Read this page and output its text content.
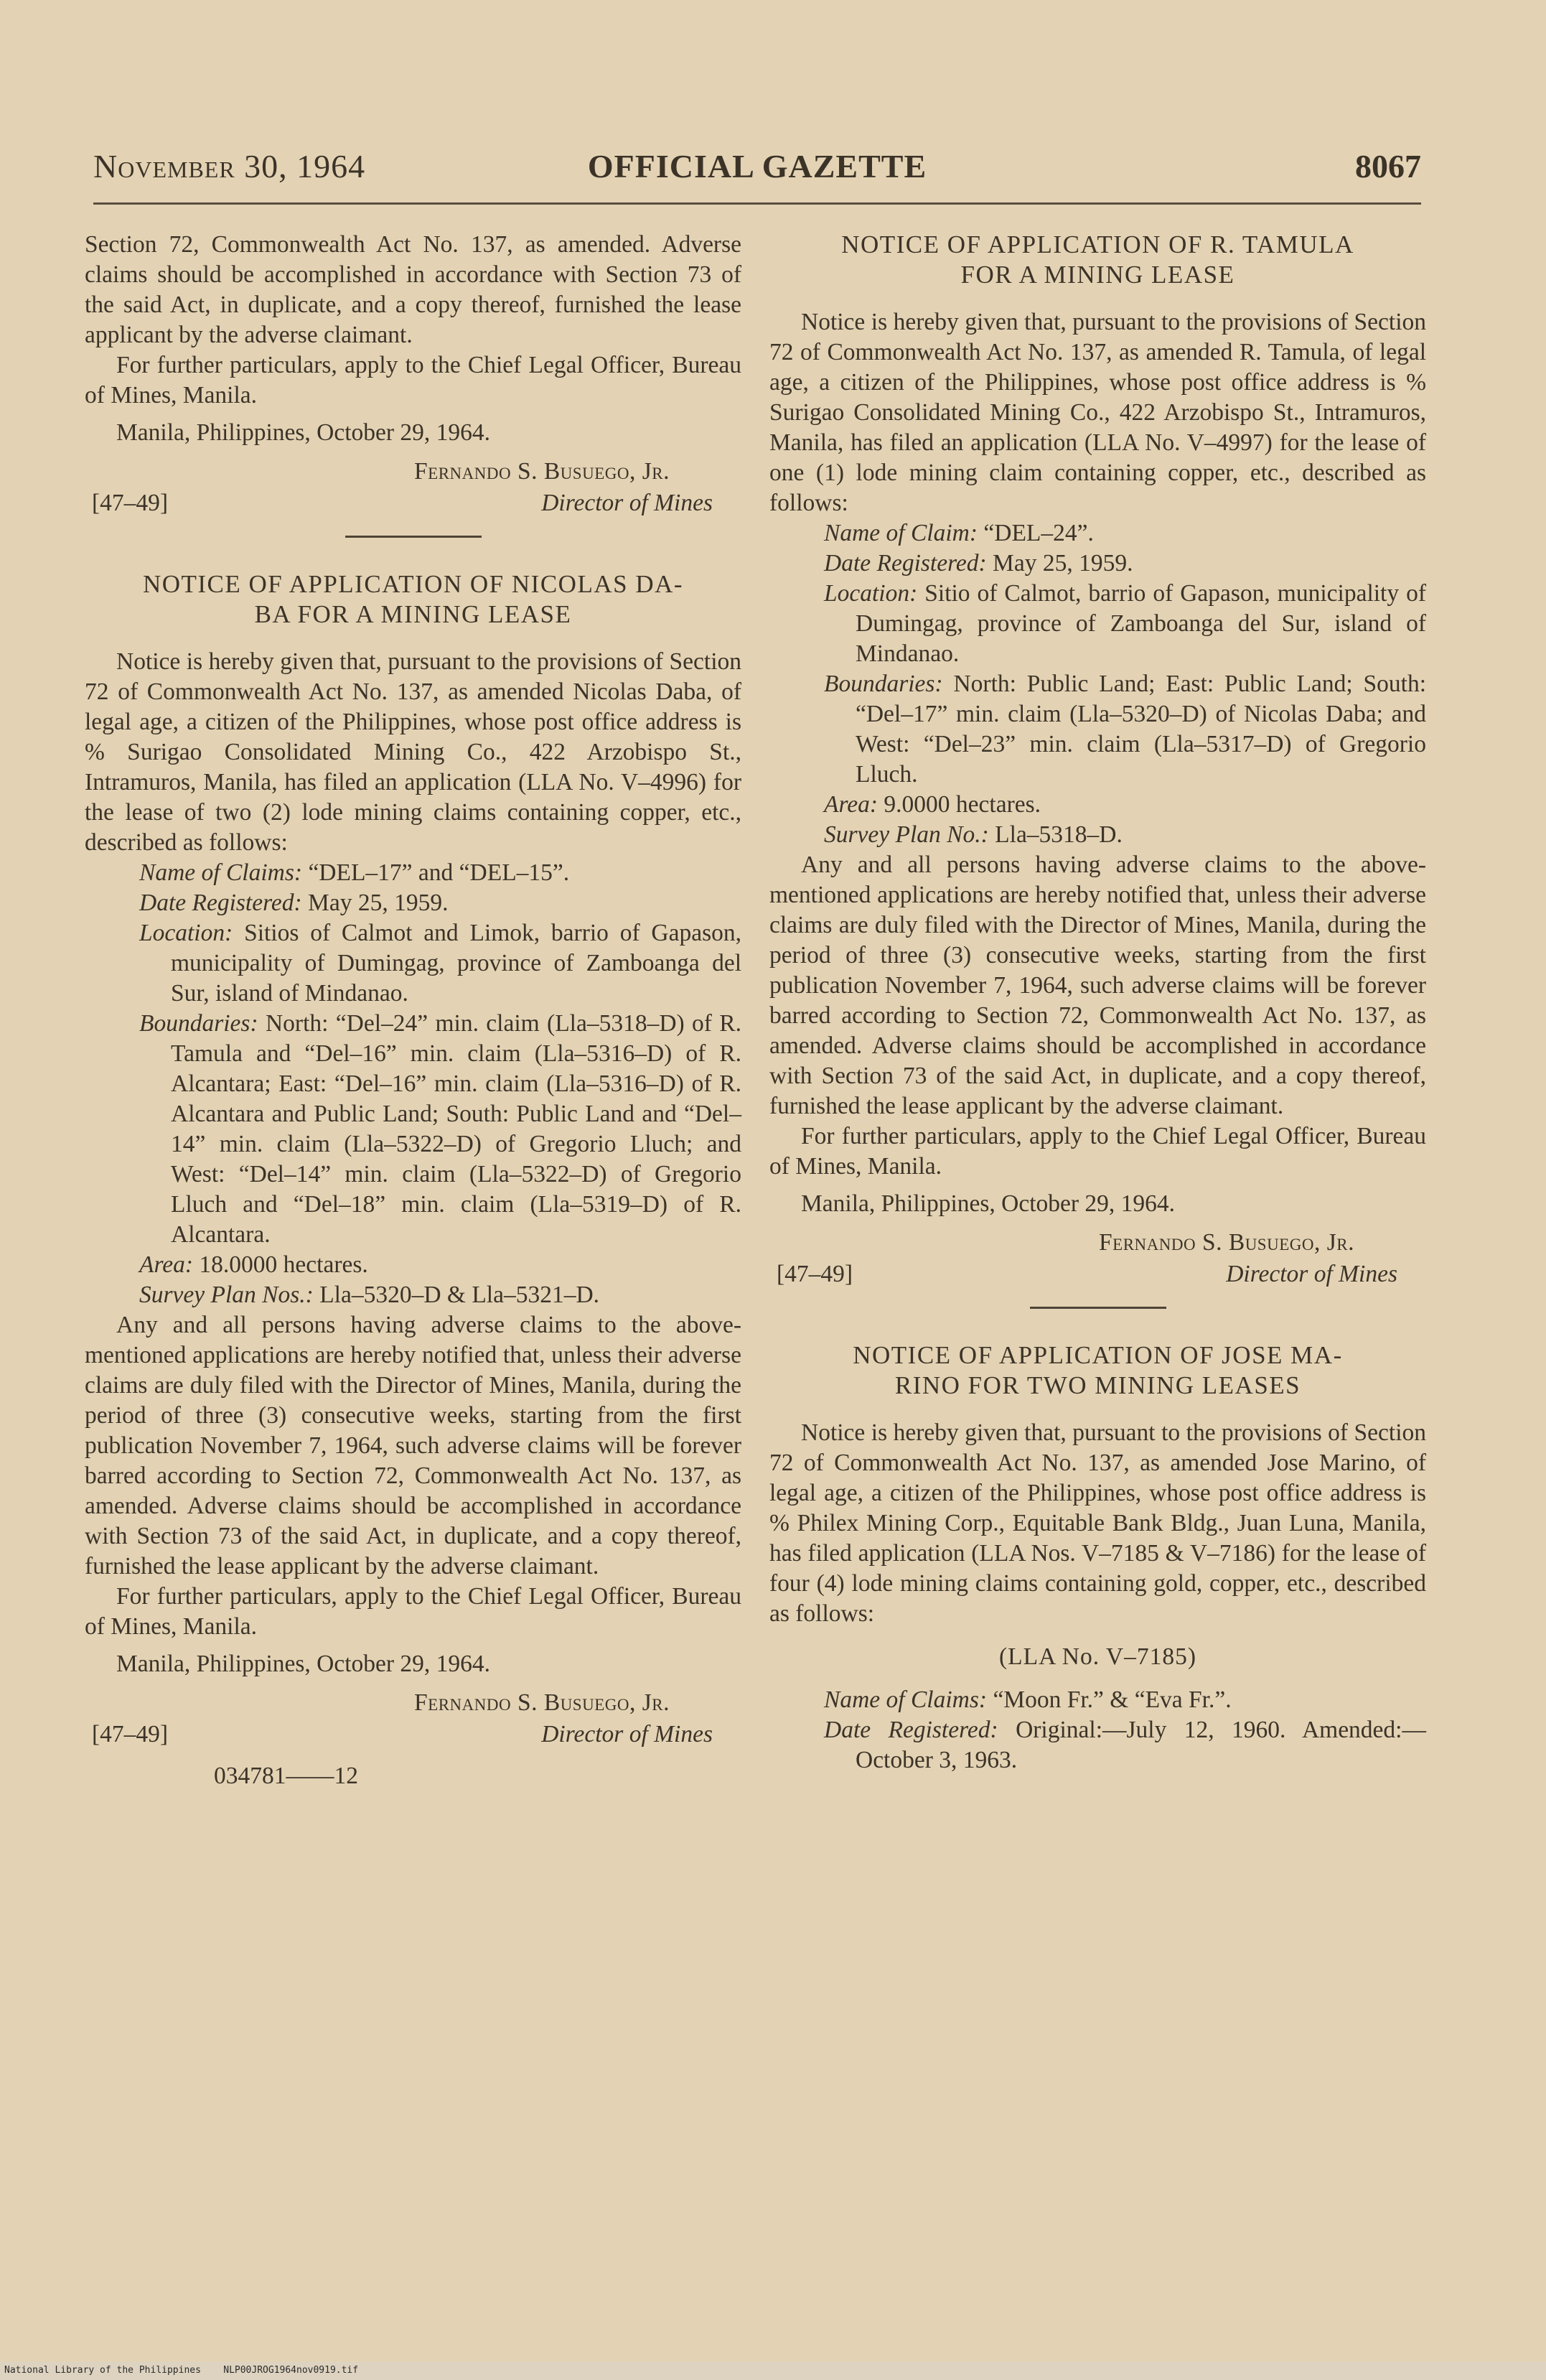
November 30, 1964	OFFICIAL GAZETTE	8067

Section 72, Commonwealth Act No. 137, as amended. Adverse claims should be accomplished in accordance with Section 73 of the said Act, in duplicate, and a copy thereof, furnished the lease applicant by the adverse claimant.

For further particulars, apply to the Chief Legal Officer, Bureau of Mines, Manila.

Manila, Philippines, October 29, 1964.

Fernando S. Busuego, Jr.
[47–49]	Director of Mines
NOTICE OF APPLICATION OF NICOLAS DA-
BA FOR A MINING LEASE

Notice is hereby given that, pursuant to the provisions of Section 72 of Commonwealth Act No. 137, as amended Nicolas Daba, of legal age, a citizen of the Philippines, whose post office address is % Surigao Consolidated Mining Co., 422 Arzobispo St., Intramuros, Manila, has filed an application (LLA No. V–4996) for the lease of two (2) lode mining claims containing copper, etc., described as follows:

Name of Claims: “DEL–17” and “DEL–15”.

Date Registered: May 25, 1959.

Location: Sitios of Calmot and Limok, barrio of Gapason, municipality of Dumingag, province of Zamboanga del Sur, island of Mindanao.

Boundaries: North: “Del–24” min. claim (Lla–5318–D) of R. Tamula and “Del–16” min. claim (Lla–5316–D) of R. Alcantara; East: “Del–16” min. claim (Lla–5316–D) of R. Alcantara and Public Land; South: Public Land and “Del–14” min. claim (Lla–5322–D) of Gregorio Lluch; and West: “Del–14” min. claim (Lla–5322–D) of Gregorio Lluch and “Del–18” min. claim (Lla–5319–D) of R. Alcantara.

Area: 18.0000 hectares.

Survey Plan Nos.: Lla–5320–D & Lla–5321–D.

Any and all persons having adverse claims to the above-mentioned applications are hereby notified that, unless their adverse claims are duly filed with the Director of Mines, Manila, during the period of three (3) consecutive weeks, starting from the first publication November 7, 1964, such adverse claims will be forever barred according to Section 72, Commonwealth Act No. 137, as amended. Adverse claims should be accomplished in accordance with Section 73 of the said Act, in duplicate, and a copy thereof, furnished the lease applicant by the adverse claimant.

For further particulars, apply to the Chief Legal Officer, Bureau of Mines, Manila.

Manila, Philippines, October 29, 1964.

Fernando S. Busuego, Jr.
[47–49]	Director of Mines

034781——12

NOTICE OF APPLICATION OF R. TAMULA
FOR A MINING LEASE

Notice is hereby given that, pursuant to the provisions of Section 72 of Commonwealth Act No. 137, as amended R. Tamula, of legal age, a citizen of the Philippines, whose post office address is % Surigao Consolidated Mining Co., 422 Arzobispo St., Intramuros, Manila, has filed an application (LLA No. V–4997) for the lease of one (1) lode mining claim containing copper, etc., described as follows:

Name of Claim: “DEL–24”.

Date Registered: May 25, 1959.

Location: Sitio of Calmot, barrio of Gapason, municipality of Dumingag, province of Zamboanga del Sur, island of Mindanao.

Boundaries: North: Public Land; East: Public Land; South: “Del–17” min. claim (Lla–5320–D) of Nicolas Daba; and West: “Del–23” min. claim (Lla–5317–D) of Gregorio Lluch.

Area: 9.0000 hectares.

Survey Plan No.: Lla–5318–D.

Any and all persons having adverse claims to the above-mentioned applications are hereby notified that, unless their adverse claims are duly filed with the Director of Mines, Manila, during the period of three (3) consecutive weeks, starting from the first publication November 7, 1964, such adverse claims will be forever barred according to Section 72, Commonwealth Act No. 137, as amended. Adverse claims should be accomplished in accordance with Section 73 of the said Act, in duplicate, and a copy thereof, furnished the lease applicant by the adverse claimant.

For further particulars, apply to the Chief Legal Officer, Bureau of Mines, Manila.

Manila, Philippines, October 29, 1964.

Fernando S. Busuego, Jr.
[47–49]	Director of Mines
NOTICE OF APPLICATION OF JOSE MA-
RINO FOR TWO MINING LEASES

Notice is hereby given that, pursuant to the provisions of Section 72 of Commonwealth Act No. 137, as amended Jose Marino, of legal age, a citizen of the Philippines, whose post office address is % Philex Mining Corp., Equitable Bank Bldg., Juan Luna, Manila, has filed application (LLA Nos. V–7185 & V–7186) for the lease of four (4) lode mining claims containing gold, copper, etc., described as follows:

(LLA No. V–7185)

Name of Claims: “Moon Fr.” & “Eva Fr.”.

Date Registered: Original:—July 12, 1960. Amended:—October 3, 1963.

National Library of the Philippines NLP00JROG1964nov0919.tif
